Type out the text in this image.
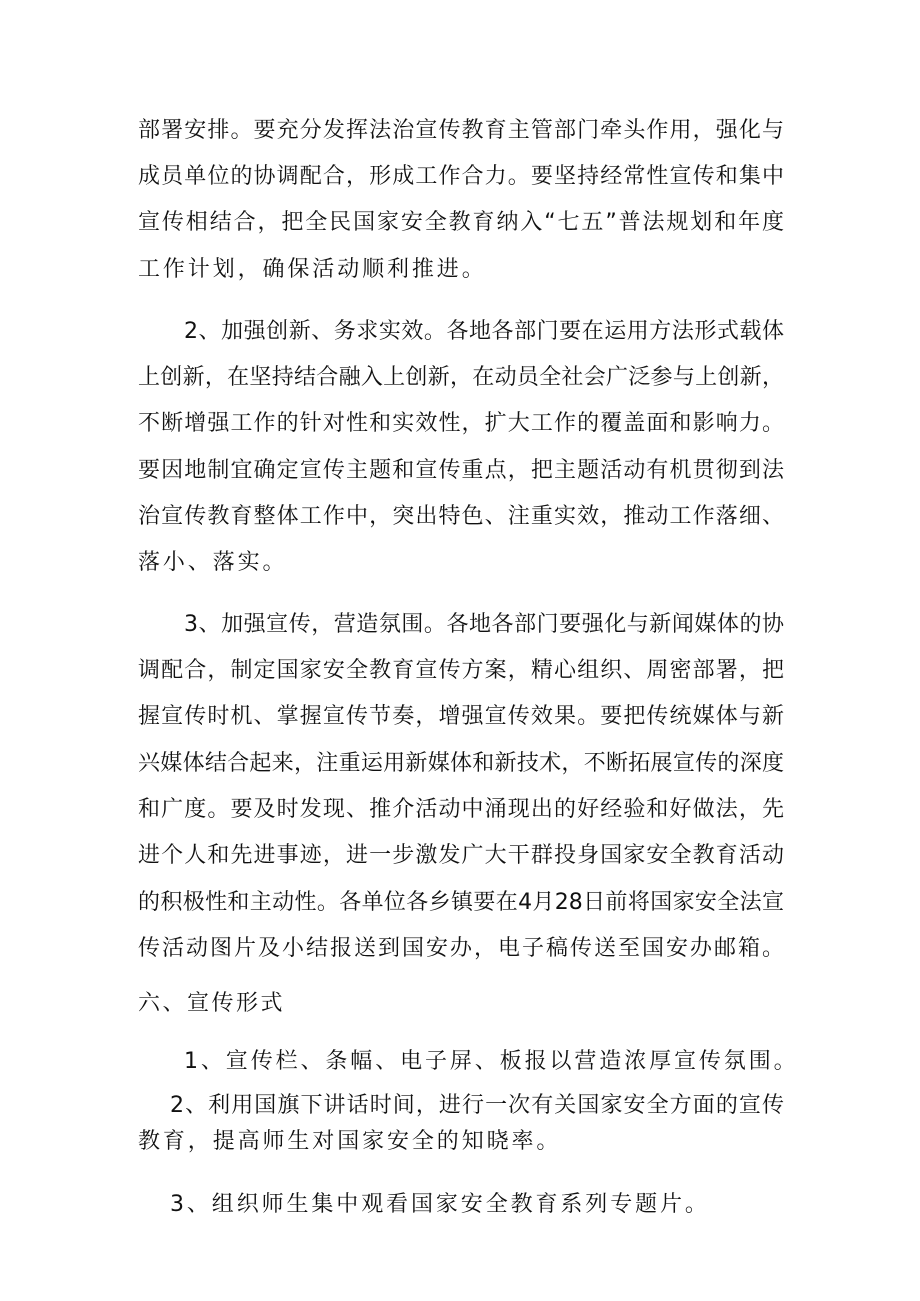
部署安排。要充分发挥法治宣传教育主管部门牵头作用，强化与
成员单位的协调配合，形成工作合力。要坚持经常性宣传和集中
宣传相结合，把全民国家安全教育纳入“七五”普法规划和年度
工作计划，确保活动顺利推进。
2、加强创新、务求实效。各地各部门要在运用方法形式载体
上创新，在坚持结合融入上创新，在动员全社会广泛参与上创新，
不断增强工作的针对性和实效性，扩大工作的覆盖面和影响力。
要因地制宜确定宣传主题和宣传重点，把主题活动有机贯彻到法
治宣传教育整体工作中，突出特色、注重实效，推动工作落细、
落小、落实。
3、加强宣传，营造氛围。各地各部门要强化与新闻媒体的协
调配合，制定国家安全教育宣传方案，精心组织、周密部署，把
握宣传时机、掌握宣传节奏，增强宣传效果。要把传统媒体与新
兴媒体结合起来，注重运用新媒体和新技术，不断拓展宣传的深度
和广度。要及时发现、推介活动中涌现出的好经验和好做法，先
进个人和先进事迹，进一步激发广大干群投身国家安全教育活动
的积极性和主动性。各单位各乡镇要在4月28日前将国家安全法宣
传活动图片及小结报送到国安办，电子稿传送至国安办邮箱。
六、宣传形式
1、宣传栏、条幅、电子屏、板报以营造浓厚宣传氛围。
2、利用国旗下讲话时间，进行一次有关国家安全方面的宣传
教育，提高师生对国家安全的知晓率。
3、组织师生集中观看国家安全教育系列专题片。
